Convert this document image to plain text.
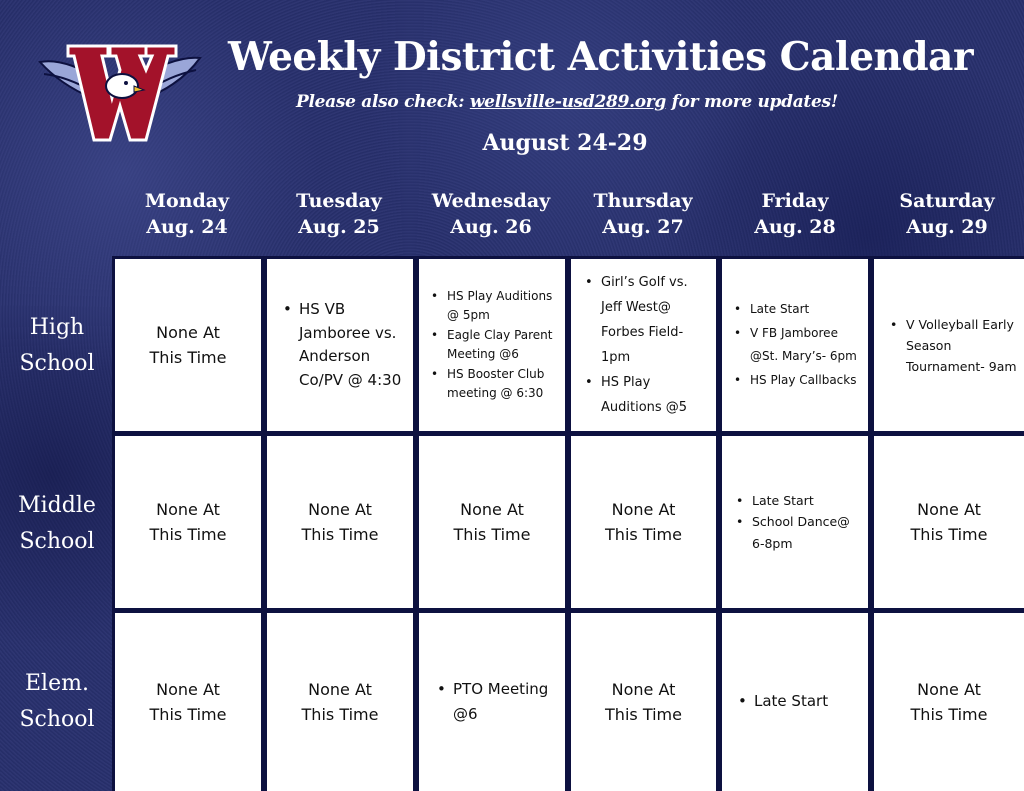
Weekly District Activities Calendar
Please also check: wellsville-usd289.org for more updates!
August 24-29
Monday
Aug. 24
Tuesday
Aug. 25
Wednesday
Aug. 26
Thursday
Aug. 27
Friday
Aug. 28
Saturday
Aug. 29
High
School
Middle
School
Elem.
School
None At
This Time
• HS VB Jamboree vs. Anderson Co/PV @ 4:30
• HS Play Auditions @ 5pm
• Eagle Clay Parent Meeting @6
• HS Booster Club meeting @ 6:30
• Girl’s Golf vs. Jeff West@ Forbes Field- 1pm
• HS Play Auditions @5
• Late Start
• V FB Jamboree @St. Mary’s- 6pm
• HS Play Callbacks
• V Volleyball Early Season Tournament- 9am
None At
This Time
None At
This Time
None At
This Time
None At
This Time
• Late Start
• School Dance@ 6-8pm
None At
This Time
None At
This Time
None At
This Time
• PTO Meeting @6
None At
This Time
• Late Start
None At
This Time
